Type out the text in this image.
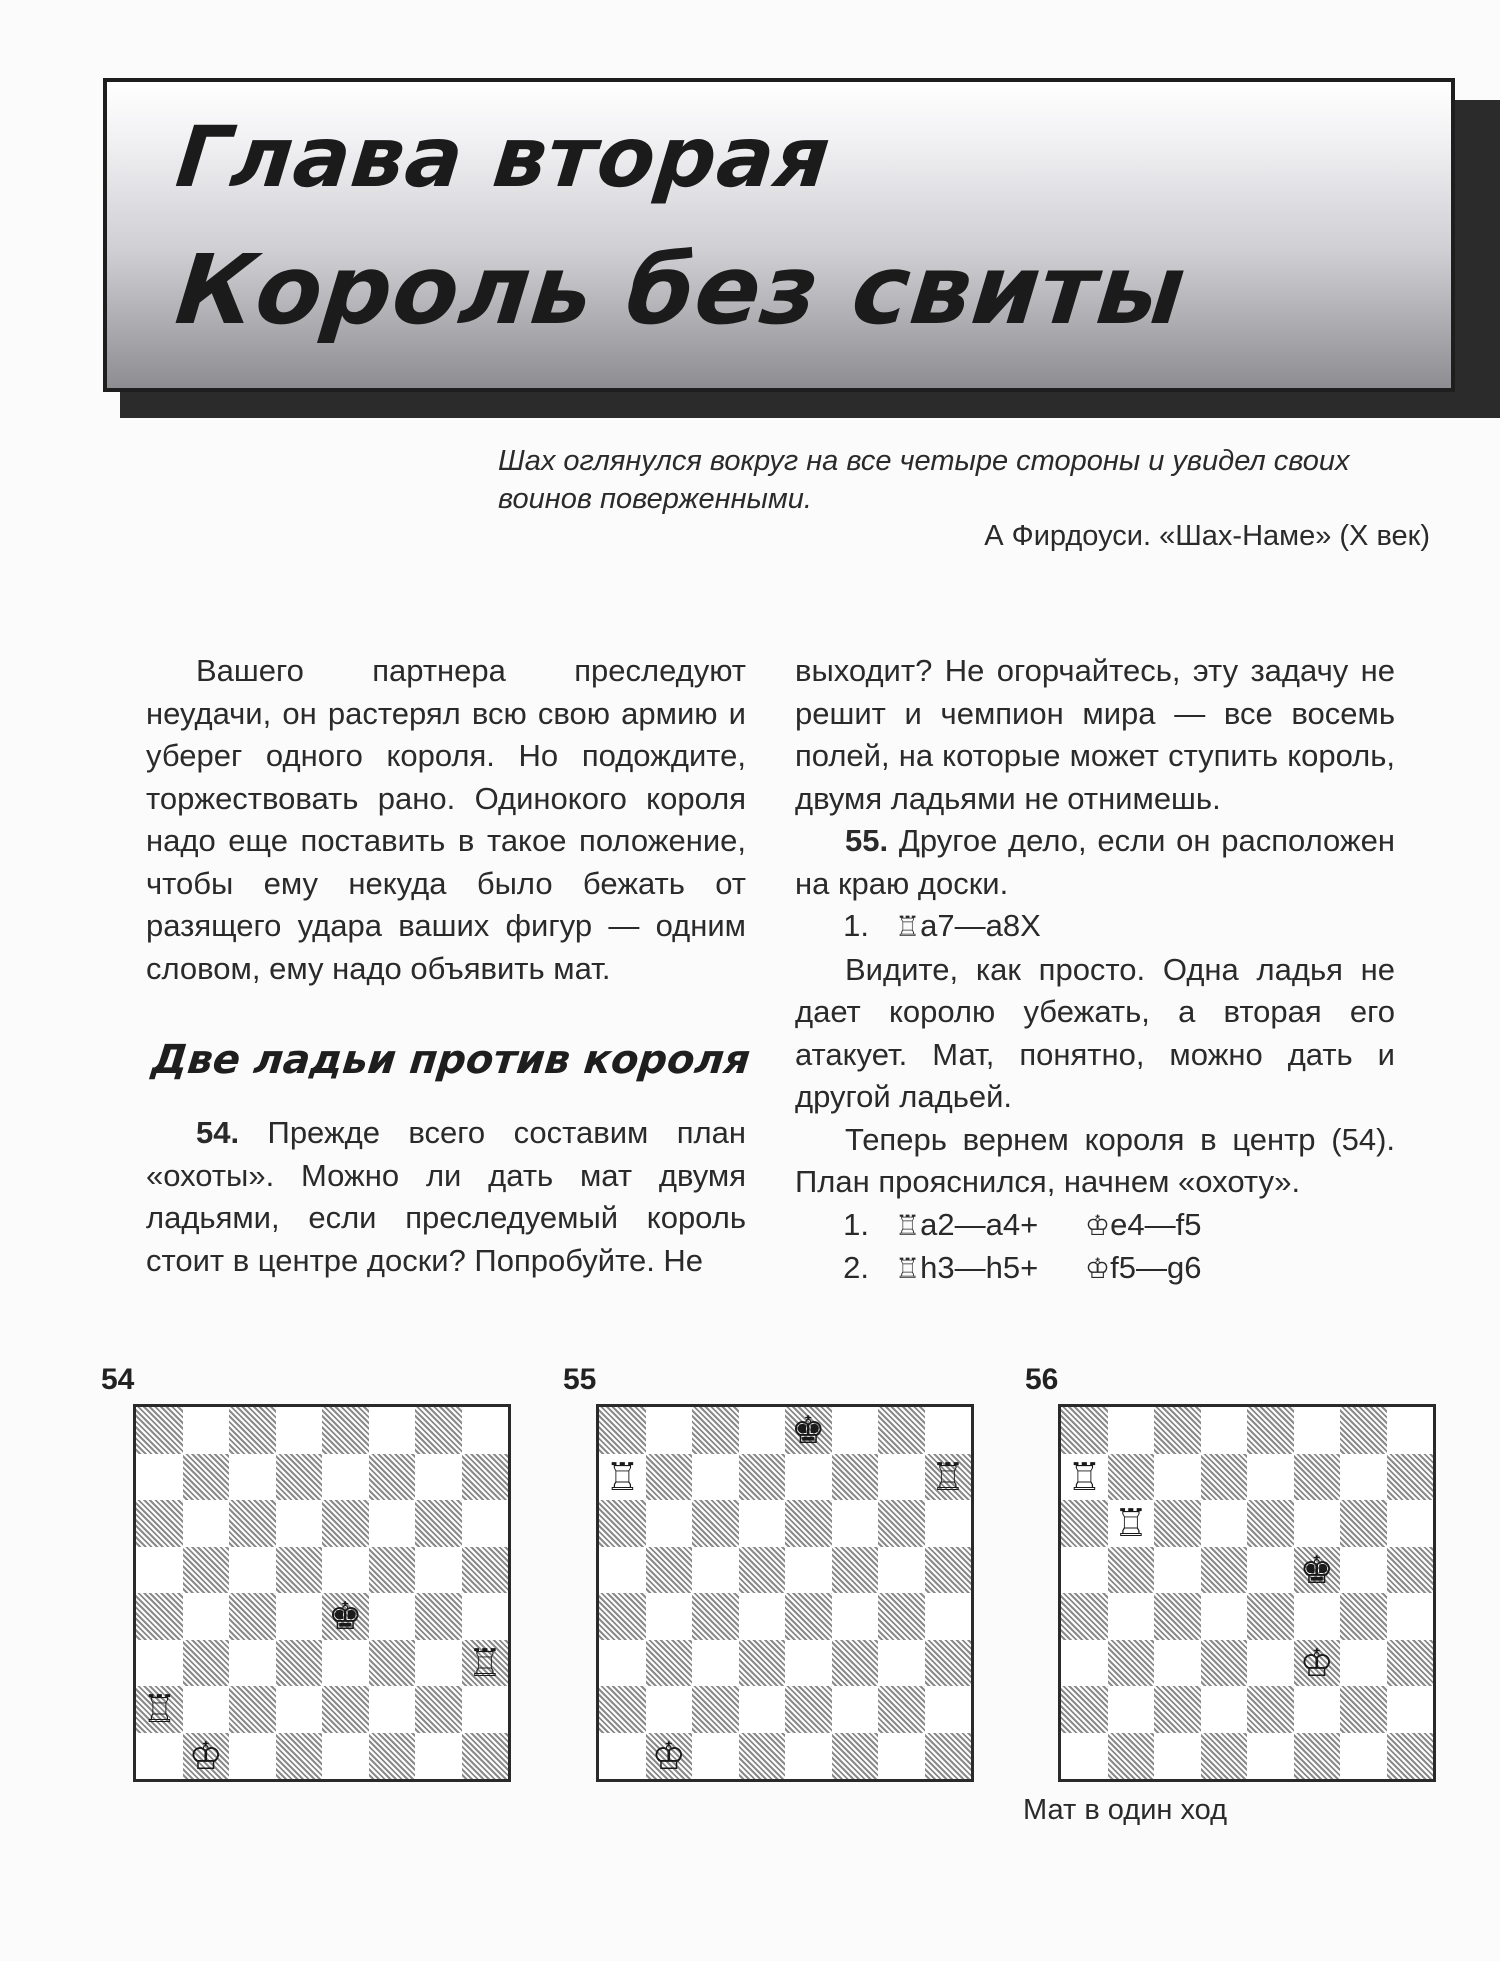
Глава вторая
Король без свиты
Шах оглянулся вокруг на все четыре стороны и увидел своих воинов поверженными.
А Фирдоуси. «Шах-Наме» (X век)

Вашего партнера преследуют неудачи, он растерял всю свою армию и уберег одного короля. Но подождите, торжествовать рано. Одинокого короля надо еще поставить в такое положение, чтобы ему некуда было бежать от разящего удара ваших фигур — одним словом, ему надо объявить мат.

Две ладьи против короля

54. Прежде всего составим план «охоты». Можно ли дать мат двумя ладьями, если преследуемый король стоит в центре доски? Попробуйте. Не

выходит? Не огорчайтесь, эту задачу не решит и чемпион мира — все восемь полей, на которые может ступить король, двумя ладьями не отнимешь.

55. Другое дело, если он расположен на краю доски.

1. ♖a7—a8X

Видите, как просто. Одна ладья не дает королю убежать, а вторая его атакует. Мат, понятно, можно дать и другой ладьей.

Теперь вернем короля в центр (54). План прояснился, начнем «охоту».

1. ♖a2—a4+	♔e4—f5
2. ♖h3—h5+	♔f5—g6
54
♚
♖
♖
♔
55
♚
♖	♖
♔
56
♖
♖
♚
♔
Мат в один ход
